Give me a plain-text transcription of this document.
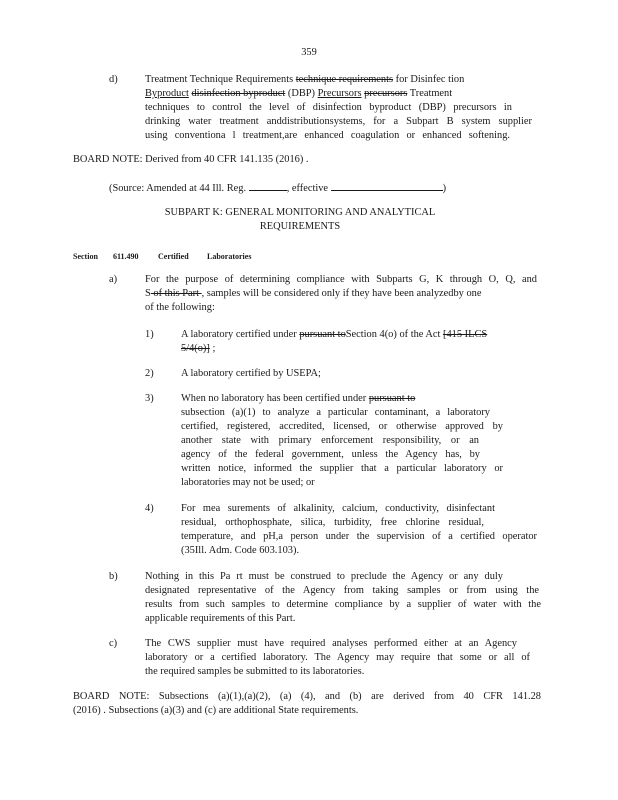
359
d)	Treatment Technique Requirements technique requirements for Disinfec tion
Byproduct disinfection byproduct (DBP) Precursors precursors Treatment
techniques to control the level of disinfection byproduct (DBP) precursors in
drinking water treatment anddistributionsystems, for a Subpart B system supplier
using conventiona l treatment,are enhanced coagulation or enhanced softening.
BOARD NOTE: Derived from 40 CFR 141.135 (2016) .
(Source: Amended at 44 Ill. Reg.	, effective	)
SUBPART K: GENERAL MONITORING AND ANALYTICAL
REQUIREMENTS
Section 611.490 Certified Laboratories
a)	For the purpose of determining compliance with Subparts G, K through O, Q, and
S of this Part , samples will be considered only if they have been analyzedby one
of the following:
1)	A laboratory certified under pursuant toSection 4(o) of the Act [415 ILCS
5/4(o)] ;
2)	A laboratory certified by USEPA;
3)	When no laboratory has been certified under pursuant to
subsection (a)(1) to analyze a particular contaminant, a laboratory
certified, registered, accredited, licensed, or otherwise approved by
another state with primary enforcement responsibility, or an
agency of the federal government, unless the Agency has, by
written notice, informed the supplier that a particular laboratory or
laboratories may not be used; or
4)	For mea surements of alkalinity, calcium, conductivity, disinfectant
residual, orthophosphate, silica, turbidity, free chlorine residual,
temperature, and pH,a person under the supervision of a certified operator
(35Ill. Adm. Code 603.103).
b)	Nothing in this Pa rt must be construed to preclude the Agency or any duly
designated representative of the Agency from taking samples or from using the
results from such samples to determine compliance by a supplier of water with the
applicable requirements of this Part.
c)	The CWS supplier must have required analyses performed either at an Agency
laboratory or a certified laboratory. The Agency may require that some or all of
the required samples be submitted to its laboratories.
BOARD NOTE: Subsections (a)(1),(a)(2), (a) (4), and (b) are derived from 40 CFR 141.28
(2016) . Subsections (a)(3) and (c) are additional State requirements.
